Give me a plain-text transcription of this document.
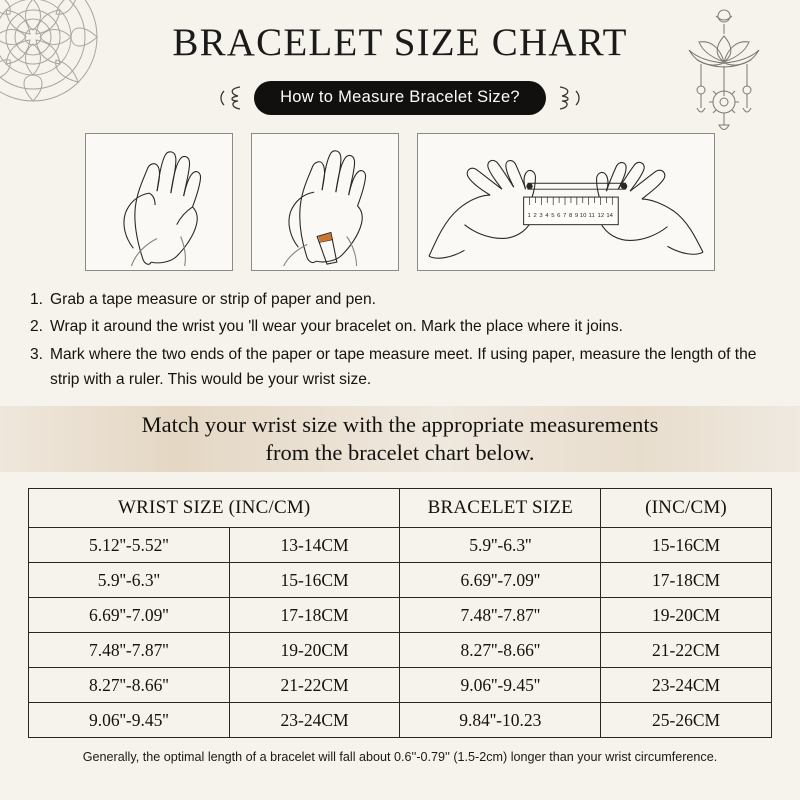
BRACELET SIZE CHART
How to Measure Bracelet Size?
1 2 3 4 5 6 7 8 9 10 11 12 14
1. Grab a tape measure or strip of paper and pen.
2. Wrap it around the wrist you 'll wear your bracelet on. Mark the place where it joins.
3. Mark where the two ends of the paper or tape measure meet. If using paper, measure the length of the strip with a ruler. This would be your wrist size.
Match your wrist size with the appropriate measurements
from the bracelet chart below.
WRIST SIZE (INC/CM)		BRACELET SIZE	(INC/CM)
5.12''-5.52''	13-14CM	5.9''-6.3''	15-16CM
5.9''-6.3''	15-16CM	6.69''-7.09''	17-18CM
6.69''-7.09''	17-18CM	7.48''-7.87''	19-20CM
7.48''-7.87''	19-20CM	8.27''-8.66''	21-22CM
8.27''-8.66''	21-22CM	9.06''-9.45''	23-24CM
9.06''-9.45''	23-24CM	9.84''-10.23	25-26CM
Generally, the optimal length of a bracelet will fall about 0.6''-0.79'' (1.5-2cm) longer than your wrist circumference.
